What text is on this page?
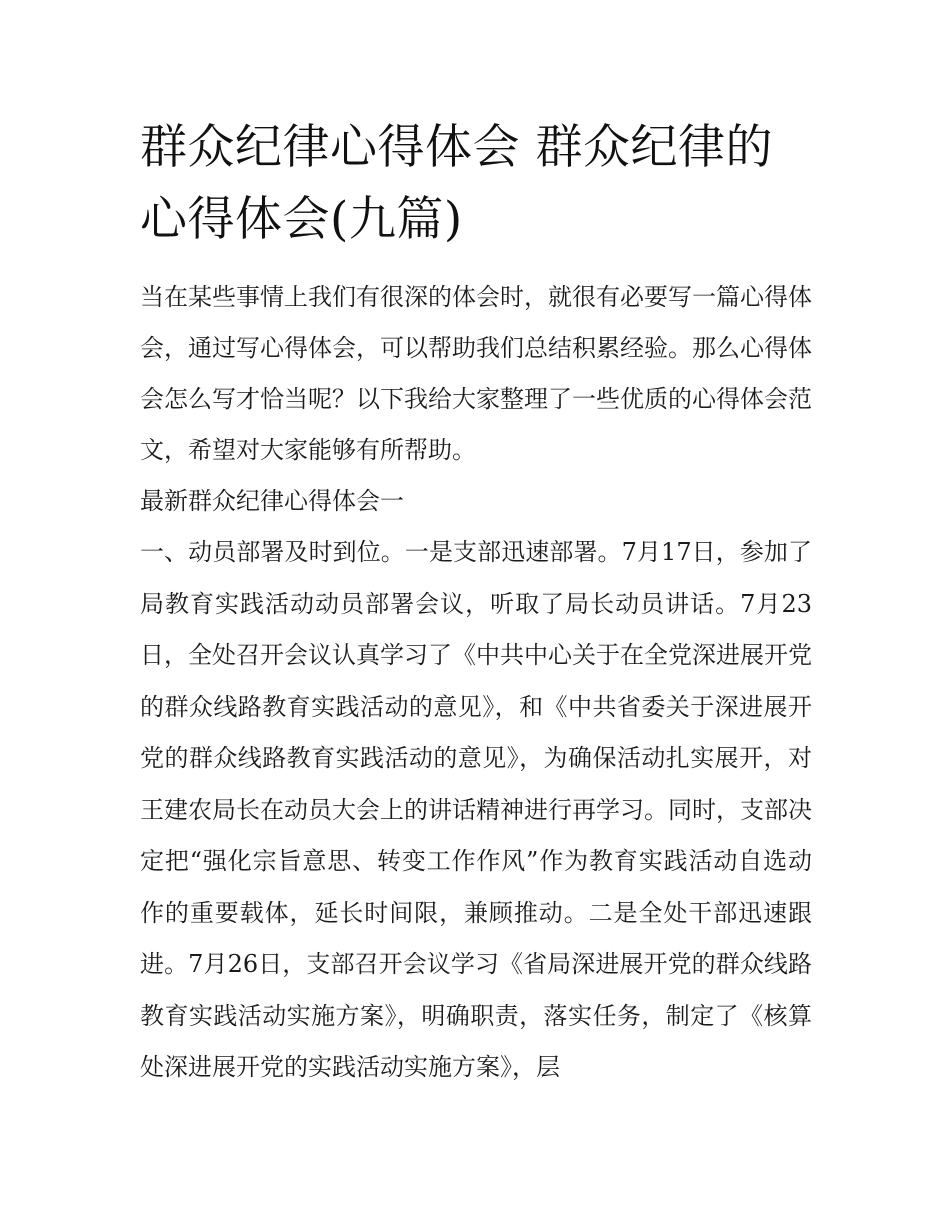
群众纪律心得体会 群众纪律的心得体会(九篇)

当在某些事情上我们有很深的体会时，就很有必要写一篇心得体会，通过写心得体会，可以帮助我们总结积累经验。那么心得体会怎么写才恰当呢？以下我给大家整理了一些优质的心得体会范文，希望对大家能够有所帮助。

最新群众纪律心得体会一

一、动员部署及时到位。一是支部迅速部署。7月17日，参加了局教育实践活动动员部署会议，听取了局长动员讲话。7月23日，全处召开会议认真学习了《中共中心关于在全党深进展开党的群众线路教育实践活动的意见》，和《中共省委关于深进展开党的群众线路教育实践活动的意见》，为确保活动扎实展开，对王建农局长在动员大会上的讲话精神进行再学习。同时，支部决定把“强化宗旨意思、转变工作作风”作为教育实践活动自选动作的重要载体，延长时间限，兼顾推动。二是全处干部迅速跟进。7月26日，支部召开会议学习《省局深进展开党的群众线路教育实践活动实施方案》，明确职责，落实任务，制定了《核算处深进展开党的实践活动实施方案》，层
